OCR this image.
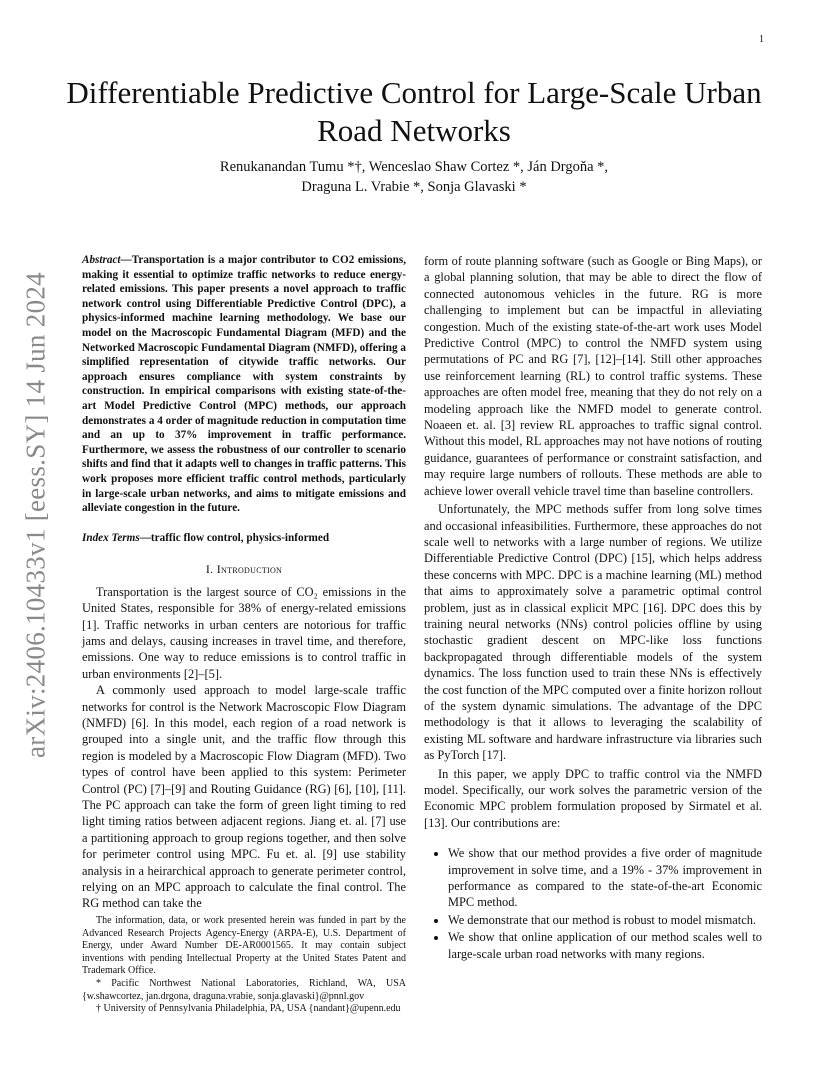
1
arXiv:2406.10433v1 [eess.SY] 14 Jun 2024
Differentiable Predictive Control for Large-Scale Urban Road Networks
Renukanandan Tumu *†, Wenceslao Shaw Cortez *, Ján Drgoňa *,
Draguna L. Vrabie *, Sonja Glavaski *

Abstract—Transportation is a major contributor to CO2 emissions, making it essential to optimize traffic networks to reduce energy-related emissions. This paper presents a novel approach to traffic network control using Differentiable Predictive Control (DPC), a physics-informed machine learning methodology. We base our model on the Macroscopic Fundamental Diagram (MFD) and the Networked Macroscopic Fundamental Diagram (NMFD), offering a simplified representation of citywide traffic networks. Our approach ensures compliance with system constraints by construction. In empirical comparisons with existing state-of-the-art Model Predictive Control (MPC) methods, our approach demonstrates a 4 order of magnitude reduction in computation time and an up to 37% improvement in traffic performance. Furthermore, we assess the robustness of our controller to scenario shifts and find that it adapts well to changes in traffic patterns. This work proposes more efficient traffic control methods, particularly in large-scale urban networks, and aims to mitigate emissions and alleviate congestion in the future.

Index Terms—traffic flow control, physics-informed

I. Introduction

Transportation is the largest source of CO₂ emissions in the United States, responsible for 38% of energy-related emissions [1]. Traffic networks in urban centers are notorious for traffic jams and delays, causing increases in travel time, and therefore, emissions. One way to reduce emissions is to control traffic in urban environments [2]–[5].

A commonly used approach to model large-scale traffic networks for control is the Network Macroscopic Flow Diagram (NMFD) [6]. In this model, each region of a road network is grouped into a single unit, and the traffic flow through this region is modeled by a Macroscopic Flow Diagram (MFD). Two types of control have been applied to this system: Perimeter Control (PC) [7]–[9] and Routing Guidance (RG) [6], [10], [11]. The PC approach can take the form of green light timing to red light timing ratios between adjacent regions. Jiang et. al. [7] use a partitioning approach to group regions together, and then solve for perimeter control using MPC. Fu et. al. [9] use stability analysis in a heirarchical approach to generate perimeter control, relying on an MPC approach to calculate the final control. The RG method can take the

form of route planning software (such as Google or Bing Maps), or a global planning solution, that may be able to direct the flow of connected autonomous vehicles in the future. RG is more challenging to implement but can be impactful in alleviating congestion. Much of the existing state-of-the-art work uses Model Predictive Control (MPC) to control the NMFD system using permutations of PC and RG [7], [12]–[14]. Still other approaches use reinforcement learning (RL) to control traffic systems. These approaches are often model free, meaning that they do not rely on a modeling approach like the NMFD model to generate control. Noaeen et. al. [3] review RL approaches to traffic signal control. Without this model, RL approaches may not have notions of routing guidance, guarantees of performance or constraint satisfaction, and may require large numbers of rollouts. These methods are able to achieve lower overall vehicle travel time than baseline controllers.

Unfortunately, the MPC methods suffer from long solve times and occasional infeasibilities. Furthermore, these approaches do not scale well to networks with a large number of regions. We utilize Differentiable Predictive Control (DPC) [15], which helps address these concerns with MPC. DPC is a machine learning (ML) method that aims to approximately solve a parametric optimal control problem, just as in classical explicit MPC [16]. DPC does this by training neural networks (NNs) control policies offline by using stochastic gradient descent on MPC-like loss functions backpropagated through differentiable models of the system dynamics. The loss function used to train these NNs is effectively the cost function of the MPC computed over a finite horizon rollout of the system dynamic simulations. The advantage of the DPC methodology is that it allows to leveraging the scalability of existing ML software and hardware infrastructure via libraries such as PyTorch [17].

In this paper, we apply DPC to traffic control via the NMFD model. Specifically, our work solves the parametric version of the Economic MPC problem formulation proposed by Sirmatel et al. [13]. Our contributions are:

• We show that our method provides a five order of magnitude improvement in solve time, and a 19% - 37% improvement in performance as compared to the state-of-the-art Economic MPC method.
• We demonstrate that our method is robust to model mismatch.
• We show that online application of our method scales well to large-scale urban road networks with many regions.

The information, data, or work presented herein was funded in part by the Advanced Research Projects Agency-Energy (ARPA-E), U.S. Department of Energy, under Award Number DE-AR0001565. It may contain subject inventions with pending Intellectual Property at the United States Patent and Trademark Office.

* Pacific Northwest National Laboratories, Richland, WA, USA {w.shawcortez, jan.drgona, draguna.vrabie, sonja.glavaski}@pnnl.gov

† University of Pennsylvania Philadelphia, PA, USA {nandant}@upenn.edu
